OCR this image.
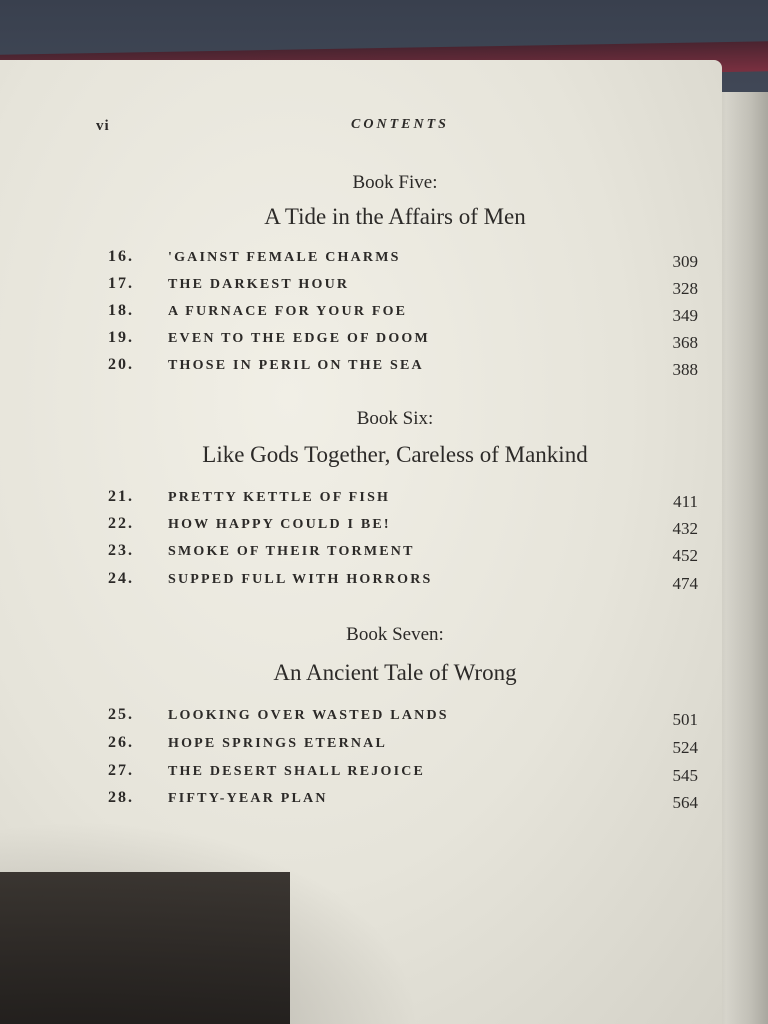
vi	CONTENTS
Book Five:
A Tide in the Affairs of Men
16. 'GAINST FEMALE CHARMS	309
17. THE DARKEST HOUR	328
18. A FURNACE FOR YOUR FOE	349
19. EVEN TO THE EDGE OF DOOM	368
20. THOSE IN PERIL ON THE SEA	388
Book Six:
Like Gods Together, Careless of Mankind
21. PRETTY KETTLE OF FISH	411
22. HOW HAPPY COULD I BE!	432
23. SMOKE OF THEIR TORMENT	452
24. SUPPED FULL WITH HORRORS	474
Book Seven:
An Ancient Tale of Wrong
25. LOOKING OVER WASTED LANDS	501
26. HOPE SPRINGS ETERNAL	524
27. THE DESERT SHALL REJOICE	545
28. FIFTY-YEAR PLAN	564
